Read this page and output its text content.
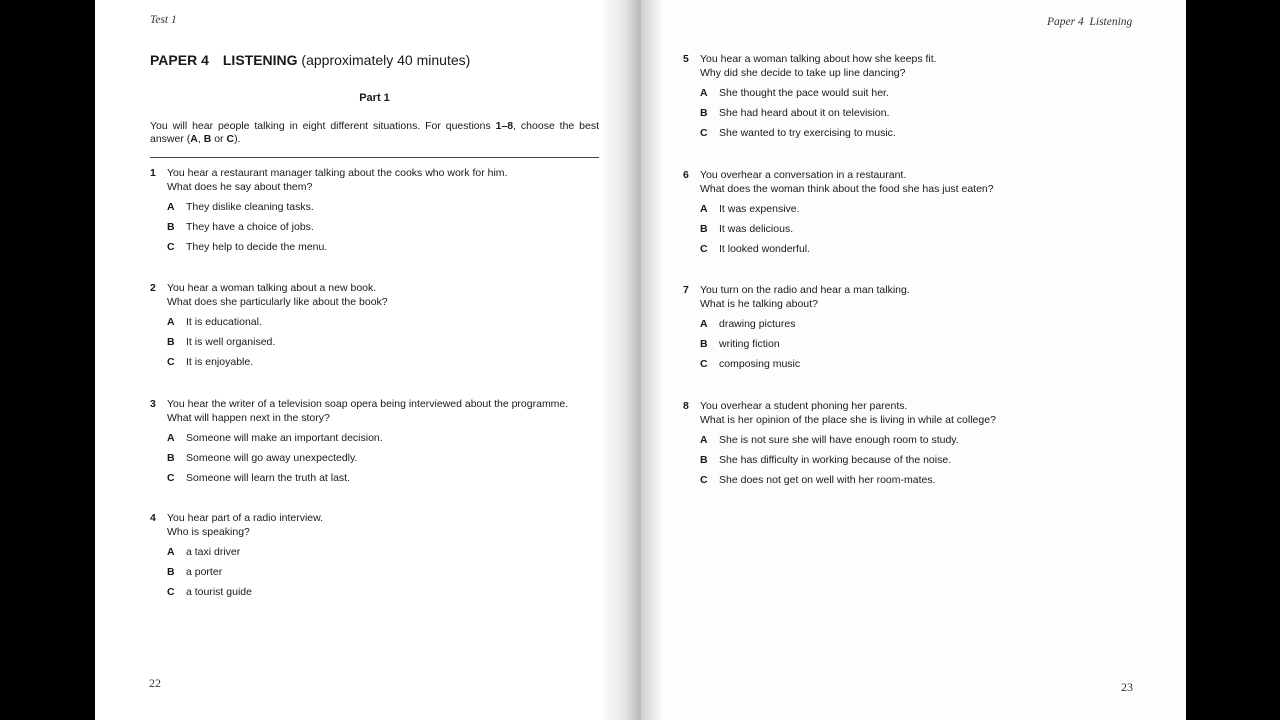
Test 1	Paper 4  Listening
PAPER 4 LISTENING (approximately 40 minutes)
Part 1
You will hear people talking in eight different situations. For questions 1–8, choose the best answer (A, B or C).
1 You hear a restaurant manager talking about the cooks who work for him.
What does he say about them?
A They dislike cleaning tasks.
B They have a choice of jobs.
C They help to decide the menu.
2 You hear a woman talking about a new book.
What does she particularly like about the book?
A It is educational.
B It is well organised.
C It is enjoyable.
3 You hear the writer of a television soap opera being interviewed about the programme.
What will happen next in the story?
A Someone will make an important decision.
B Someone will go away unexpectedly.
C Someone will learn the truth at last.
4 You hear part of a radio interview.
Who is speaking?
A a taxi driver
B a porter
C a tourist guide
5 You hear a woman talking about how she keeps fit.
Why did she decide to take up line dancing?
A She thought the pace would suit her.
B She had heard about it on television.
C She wanted to try exercising to music.
6 You overhear a conversation in a restaurant.
What does the woman think about the food she has just eaten?
A It was expensive.
B It was delicious.
C It looked wonderful.
7 You turn on the radio and hear a man talking.
What is he talking about?
A drawing pictures
B writing fiction
C composing music
8 You overhear a student phoning her parents.
What is her opinion of the place she is living in while at college?
A She is not sure she will have enough room to study.
B She has difficulty in working because of the noise.
C She does not get on well with her room-mates.
22	23
